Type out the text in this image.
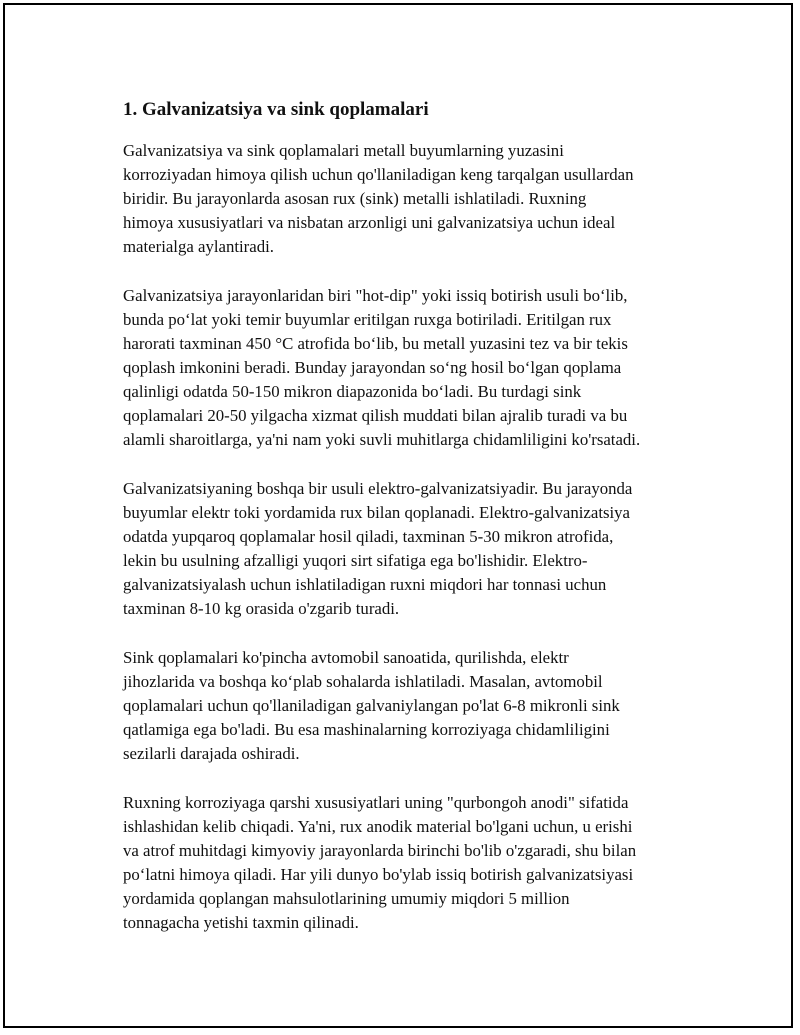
1. Galvanizatsiya va sink qoplamalari

Galvanizatsiya va sink qoplamalari metall buyumlarning yuzasini
korroziyadan himoya qilish uchun qo'llaniladigan keng tarqalgan usullardan
biridir. Bu jarayonlarda asosan rux (sink) metalli ishlatiladi. Ruxning
himoya xususiyatlari va nisbatan arzonligi uni galvanizatsiya uchun ideal
materialga aylantiradi.

Galvanizatsiya jarayonlaridan biri "hot-dip" yoki issiq botirish usuli bo‘lib,
bunda po‘lat yoki temir buyumlar eritilgan ruxga botiriladi. Eritilgan rux
harorati taxminan 450 °C atrofida bo‘lib, bu metall yuzasini tez va bir tekis
qoplash imkonini beradi. Bunday jarayondan so‘ng hosil bo‘lgan qoplama
qalinligi odatda 50-150 mikron diapazonida bo‘ladi. Bu turdagi sink
qoplamalari 20-50 yilgacha xizmat qilish muddati bilan ajralib turadi va bu
alamli sharoitlarga, ya'ni nam yoki suvli muhitlarga chidamliligini ko'rsatadi.

Galvanizatsiyaning boshqa bir usuli elektro-galvanizatsiyadir. Bu jarayonda
buyumlar elektr toki yordamida rux bilan qoplanadi. Elektro-galvanizatsiya
odatda yupqaroq qoplamalar hosil qiladi, taxminan 5-30 mikron atrofida,
lekin bu usulning afzalligi yuqori sirt sifatiga ega bo'lishidir. Elektro-
galvanizatsiyalash uchun ishlatiladigan ruxni miqdori har tonnasi uchun
taxminan 8-10 kg orasida o'zgarib turadi.

Sink qoplamalari ko'pincha avtomobil sanoatida, qurilishda, elektr
jihozlarida va boshqa ko‘plab sohalarda ishlatiladi. Masalan, avtomobil
qoplamalari uchun qo'llaniladigan galvaniylangan po'lat 6-8 mikronli sink
qatlamiga ega bo'ladi. Bu esa mashinalarning korroziyaga chidamliligini
sezilarli darajada oshiradi.

Ruxning korroziyaga qarshi xususiyatlari uning "qurbongoh anodi" sifatida
ishlashidan kelib chiqadi. Ya'ni, rux anodik material bo'lgani uchun, u erishi
va atrof muhitdagi kimyoviy jarayonlarda birinchi bo'lib o'zgaradi, shu bilan
po‘latni himoya qiladi. Har yili dunyo bo'ylab issiq botirish galvanizatsiyasi
yordamida qoplangan mahsulotlarining umumiy miqdori 5 million
tonnagacha yetishi taxmin qilinadi.
